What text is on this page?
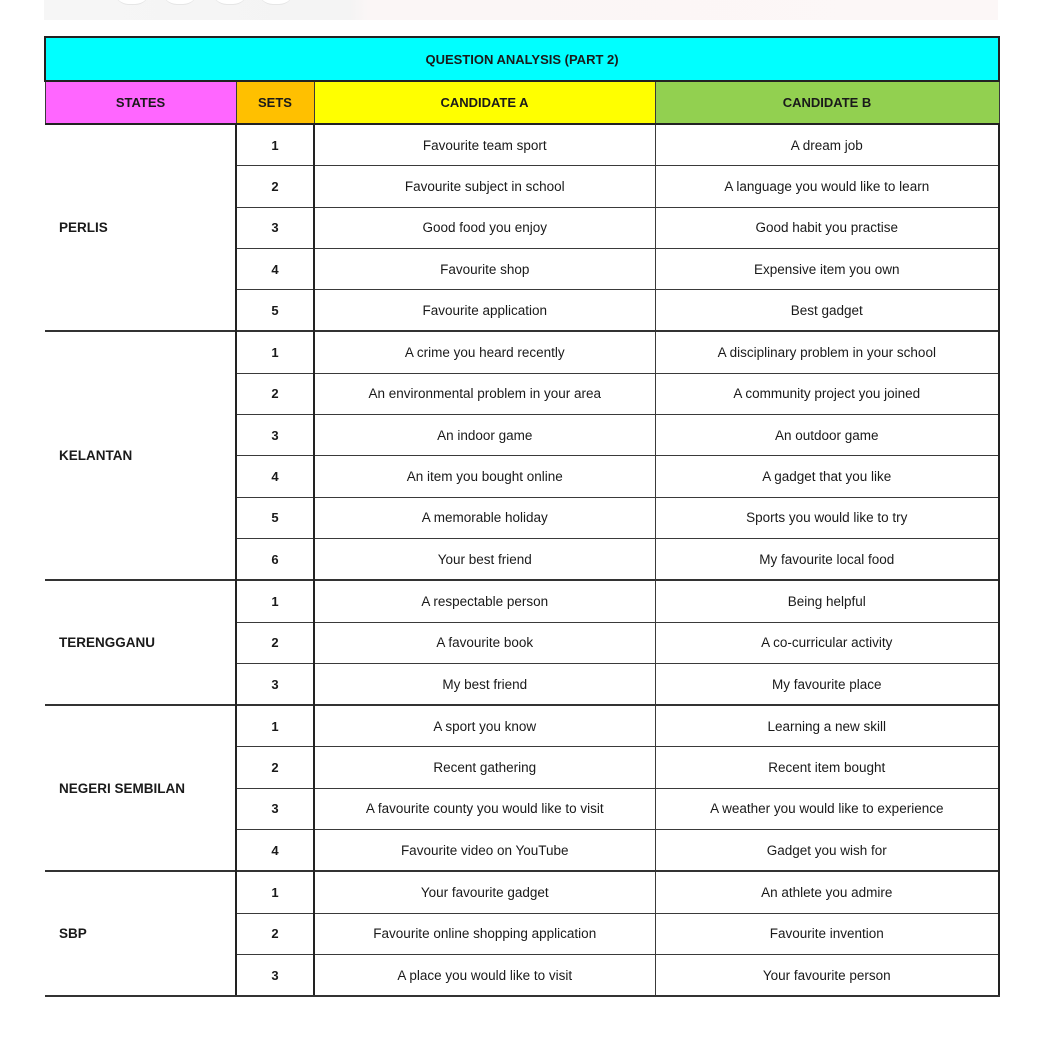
QUESTION ANALYSIS (PART 2)			
STATES	SETS	CANDIDATE A	CANDIDATE B
PERLIS	1	Favourite team sport	A dream job
	2	Favourite subject in school	A language you would like to learn
	3	Good food you enjoy	Good habit you practise
	4	Favourite shop	Expensive item you own
	5	Favourite application	Best gadget
KELANTAN	1	A crime you heard recently	A disciplinary problem in your school
	2	An environmental problem in your area	A community project you joined
	3	An indoor game	An outdoor game
	4	An item you bought online	A gadget that you like
	5	A memorable holiday	Sports you would like to try
	6	Your best friend	My favourite local food
TERENGGANU	1	A respectable person	Being helpful
	2	A favourite book	A co-curricular activity
	3	My best friend	My favourite place
NEGERI SEMBILAN	1	A sport you know	Learning a new skill
	2	Recent gathering	Recent item bought
	3	A favourite county you would like to visit	A weather you would like to experience
	4	Favourite video on YouTube	Gadget you wish for
SBP	1	Your favourite gadget	An athlete you admire
	2	Favourite online shopping application	Favourite invention
	3	A place you would like to visit	Your favourite person
